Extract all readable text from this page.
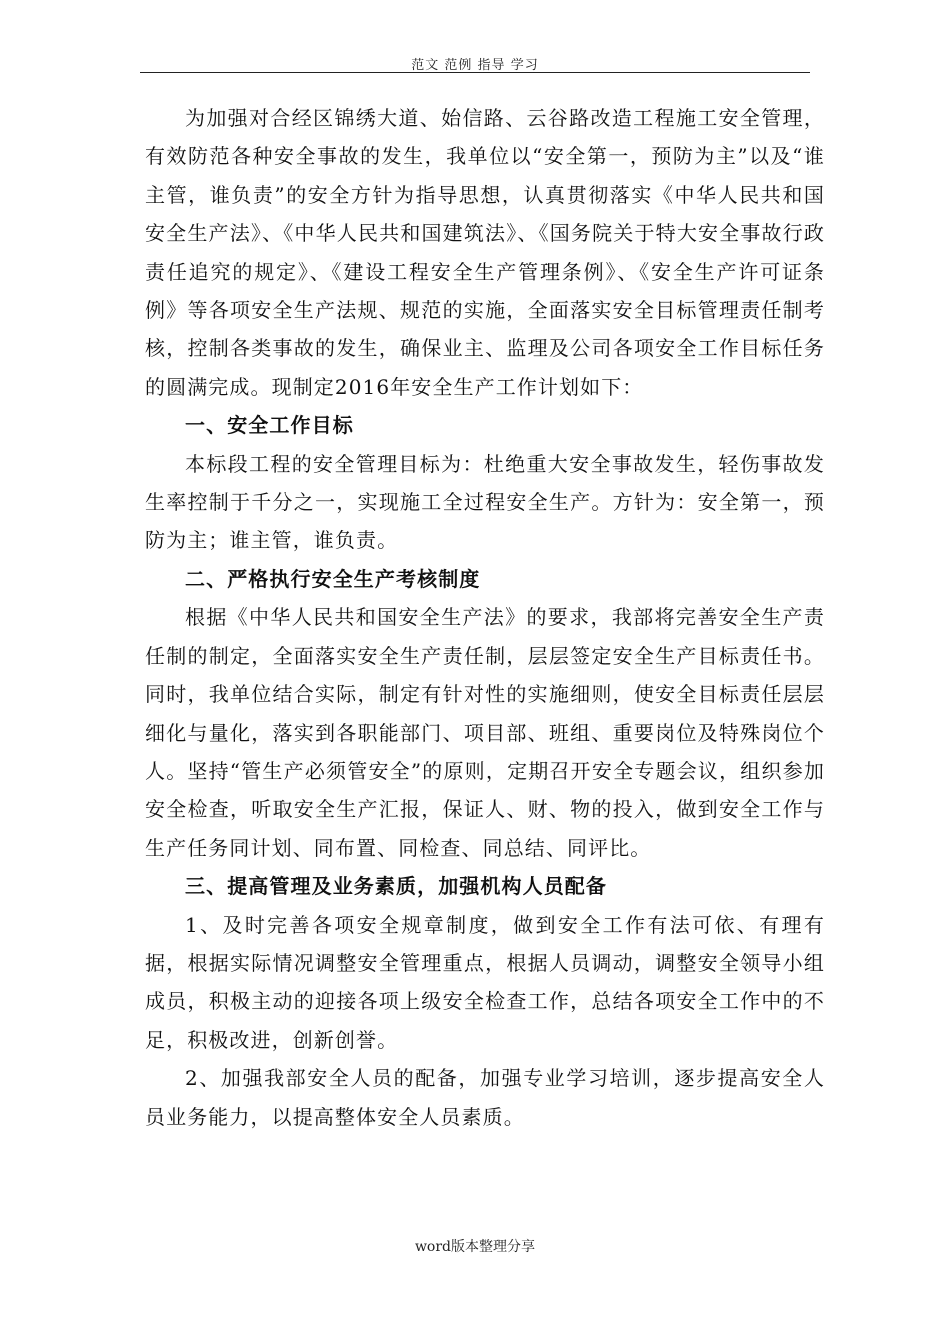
范文 范例 指导 学习

为加强对合经区锦绣大道、始信路、云谷路改造工程施工安全管理，有效防范各种安全事故的发生，我单位以“安全第一，预防为主”以及“谁主管，谁负责”的安全方针为指导思想，认真贯彻落实《中华人民共和国安全生产法》、《中华人民共和国建筑法》、《国务院关于特大安全事故行政责任追究的规定》、《建设工程安全生产管理条例》、《安全生产许可证条例》等各项安全生产法规、规范的实施，全面落实安全目标管理责任制考核，控制各类事故的发生，确保业主、监理及公司各项安全工作目标任务的圆满完成。现制定2016年安全生产工作计划如下：

一、安全工作目标

本标段工程的安全管理目标为：杜绝重大安全事故发生，轻伤事故发生率控制于千分之一，实现施工全过程安全生产。方针为：安全第一，预防为主；谁主管，谁负责。

二、严格执行安全生产考核制度

根据《中华人民共和国安全生产法》的要求，我部将完善安全生产责任制的制定，全面落实安全生产责任制，层层签定安全生产目标责任书。同时，我单位结合实际，制定有针对性的实施细则，使安全目标责任层层细化与量化，落实到各职能部门、项目部、班组、重要岗位及特殊岗位个人。坚持“管生产必须管安全”的原则，定期召开安全专题会议，组织参加安全检查，听取安全生产汇报，保证人、财、物的投入，做到安全工作与生产任务同计划、同布置、同检查、同总结、同评比。

三、提高管理及业务素质，加强机构人员配备

1、及时完善各项安全规章制度，做到安全工作有法可依、有理有据，根据实际情况调整安全管理重点，根据人员调动，调整安全领导小组成员，积极主动的迎接各项上级安全检查工作，总结各项安全工作中的不足，积极改进，创新创誉。

2、加强我部安全人员的配备，加强专业学习培训，逐步提高安全人员业务能力，以提高整体安全人员素质。

word版本整理分享
